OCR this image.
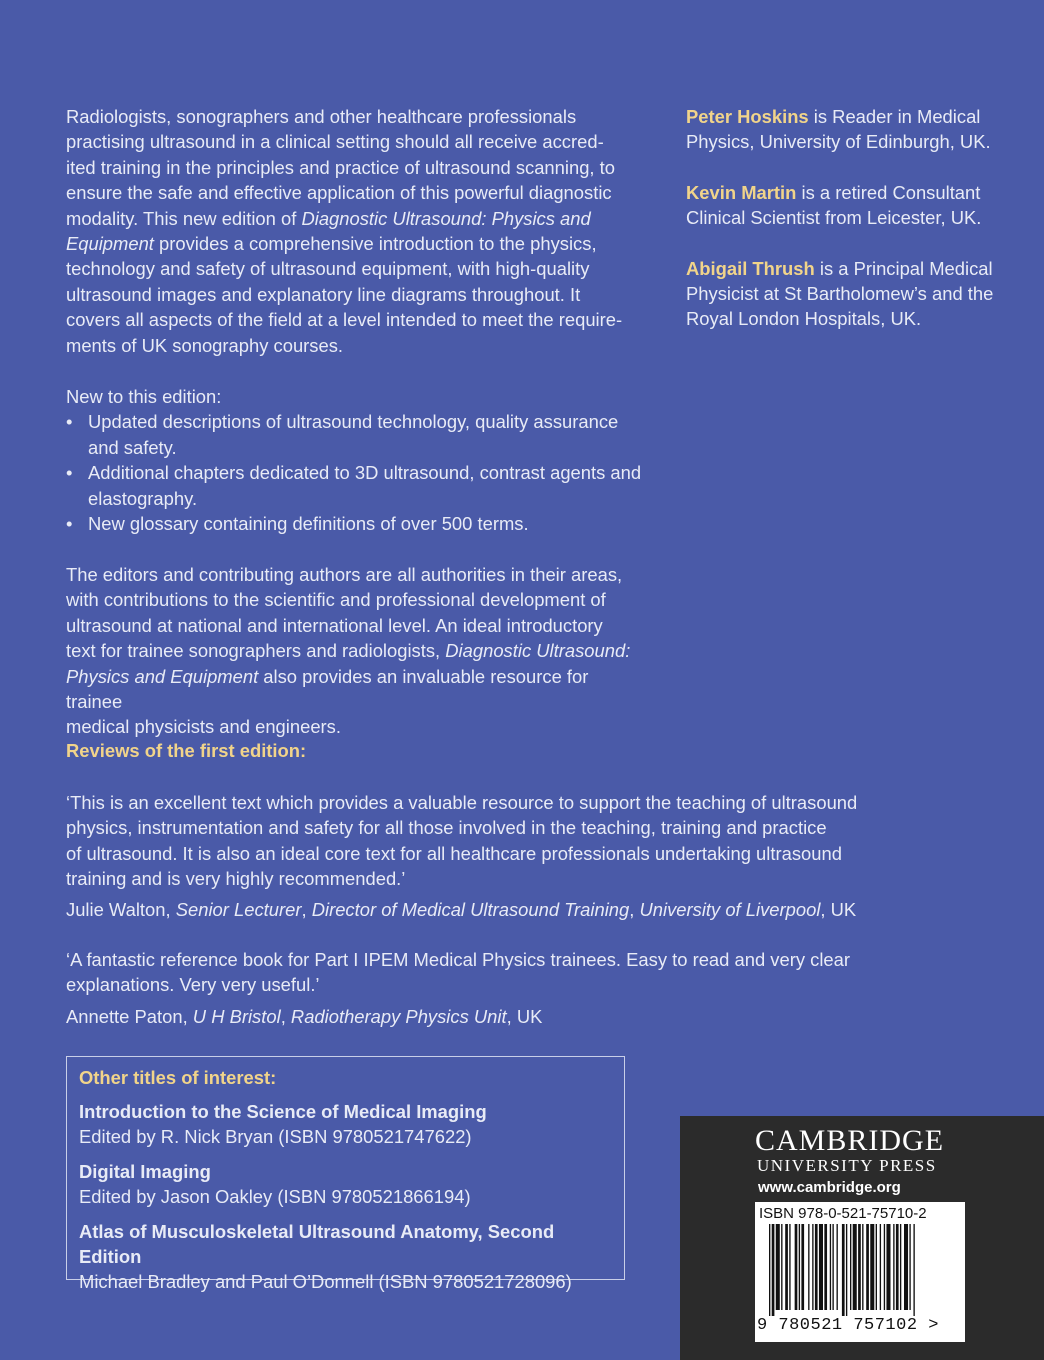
Radiologists, sonographers and other healthcare professionals

practising ultrasound in a clinical setting should all receive accred-

ited training in the principles and practice of ultrasound scanning, to

ensure the safe and effective application of this powerful diagnostic

modality. This new edition of Diagnostic Ultrasound: Physics and

Equipment provides a comprehensive introduction to the physics,

technology and safety of ultrasound equipment, with high-quality

ultrasound images and explanatory line diagrams throughout. It

covers all aspects of the field at a level intended to meet the require-

ments of UK sonography courses.

New to this edition:

• Updated descriptions of ultrasound technology, quality assurance
and safety.
• Additional chapters dedicated to 3D ultrasound, contrast agents and
elastography.
• New glossary containing definitions of over 500 terms.

The editors and contributing authors are all authorities in their areas,

with contributions to the scientific and professional development of

ultrasound at national and international level. An ideal introductory

text for trainee sonographers and radiologists, Diagnostic Ultrasound:

Physics and Equipment also provides an invaluable resource for trainee

medical physicists and engineers.

Reviews of the first edition:

‘This is an excellent text which provides a valuable resource to support the teaching of ultrasound

physics, instrumentation and safety for all those involved in the teaching, training and practice

of ultrasound. It is also an ideal core text for all healthcare professionals undertaking ultrasound

training and is very highly recommended.’

Julie Walton, Senior Lecturer, Director of Medical Ultrasound Training, University of Liverpool, UK

‘A fantastic reference book for Part I IPEM Medical Physics trainees. Easy to read and very clear

explanations. Very very useful.’

Annette Paton, U H Bristol, Radiotherapy Physics Unit, UK

Peter Hoskins is Reader in Medical

Physics, University of Edinburgh, UK.

Kevin Martin is a retired Consultant

Clinical Scientist from Leicester, UK.

Abigail Thrush is a Principal Medical

Physicist at St Bartholomew’s and the

Royal London Hospitals, UK.

Other titles of interest:
Introduction to the Science of Medical Imaging
Edited by R. Nick Bryan (ISBN 9780521747622)
Digital Imaging
Edited by Jason Oakley (ISBN 9780521866194)
Atlas of Musculoskeletal Ultrasound Anatomy, Second Edition
Michael Bradley and Paul O’Donnell (ISBN 9780521728096)
CAMBRIDGE
UNIVERSITY PRESS
www.cambridge.org
ISBN 978-0-521-75710-2
9 780521 757102 >
